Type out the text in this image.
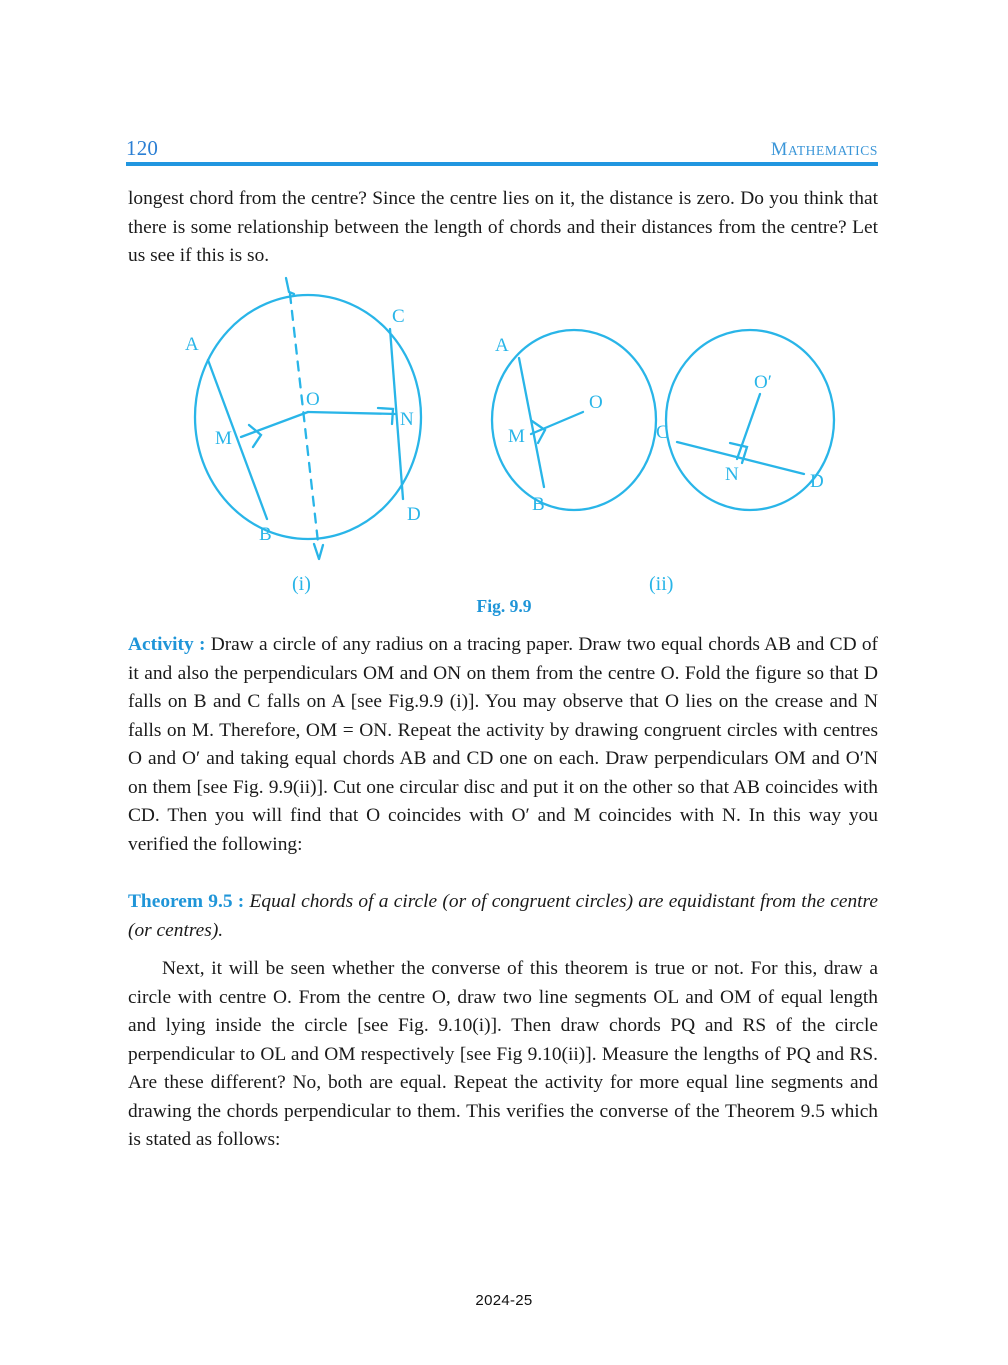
120	MATHEMATICS
longest chord from the centre? Since the centre lies on it, the distance is zero. Do you think that there is some relationship between the length of chords and their distances from the centre? Let us see if this is so.
A
B
C
D
M
N
O
A
B
M
O
C
D
N
O′
(i)	(ii)
Fig. 9.9
Activity : Draw a circle of any radius on a tracing paper. Draw two equal chords AB and CD of it and also the perpendiculars OM and ON on them from the centre O. Fold the figure so that D falls on B and C falls on A [see Fig.9.9 (i)]. You may observe that O lies on the crease and N falls on M. Therefore, OM = ON. Repeat the activity by drawing congruent circles with centres O and O′ and taking equal chords AB and CD one on each. Draw perpendiculars OM and O′N on them [see Fig. 9.9(ii)]. Cut one circular disc and put it on the other so that AB coincides with CD. Then you will find that O coincides with O′ and M coincides with N. In this way you verified the following:
Theorem 9.5 : Equal chords of a circle (or of congruent circles) are equidistant from the centre (or centres).
Next, it will be seen whether the converse of this theorem is true or not. For this, draw a circle with centre O. From the centre O, draw two line segments OL and OM of equal length and lying inside the circle [see Fig. 9.10(i)]. Then draw chords PQ and RS of the circle perpendicular to OL and OM respectively [see Fig 9.10(ii)]. Measure the lengths of PQ and RS. Are these different? No, both are equal. Repeat the activity for more equal line segments and drawing the chords perpendicular to them. This verifies the converse of the Theorem 9.5 which is stated as follows:
2024-25
